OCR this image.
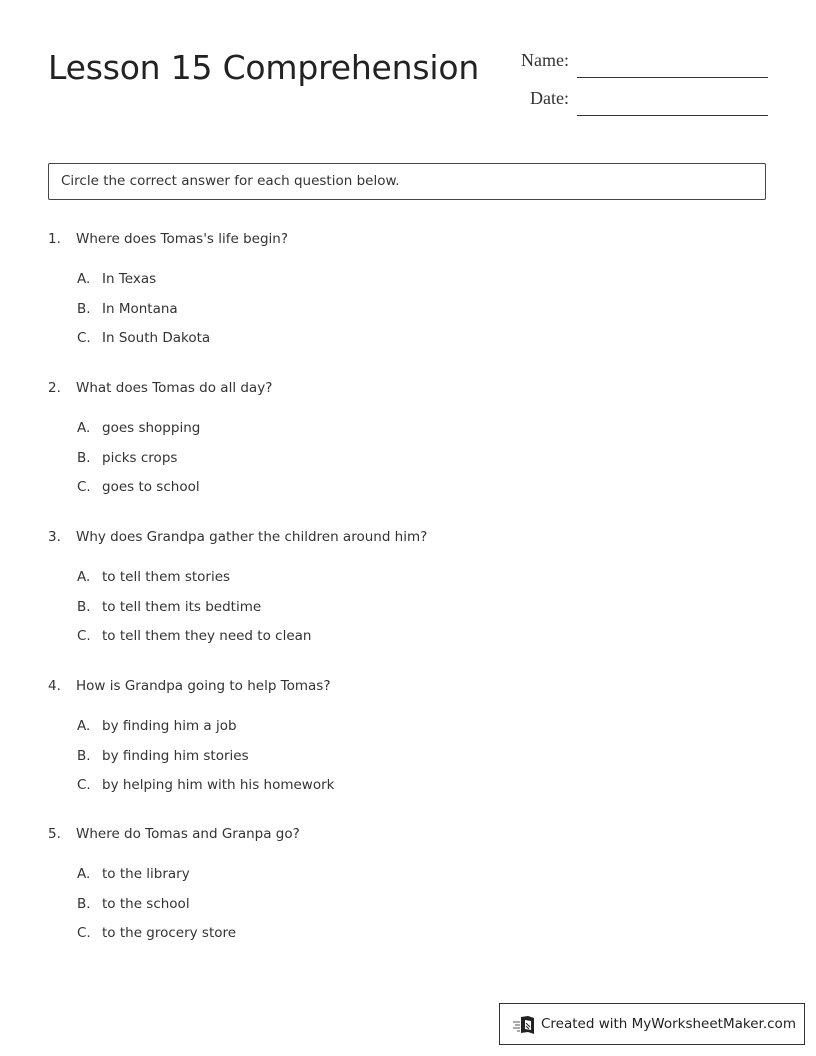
Lesson 15 Comprehension Name:
Date:
Circle the correct answer for each question below.
1. Where does Tomas's life begin?
A. In Texas
B. In Montana
C. In South Dakota
2. What does Tomas do all day?
A. goes shopping
B. picks crops
C. goes to school
3. Why does Grandpa gather the children around him?
A. to tell them stories
B. to tell them its bedtime
C. to tell them they need to clean
4. How is Grandpa going to help Tomas?
A. by finding him a job
B. by finding him stories
C. by helping him with his homework
5. Where do Tomas and Granpa go?
A. to the library
B. to the school
C. to the grocery store
Created with MyWorksheetMaker.com
